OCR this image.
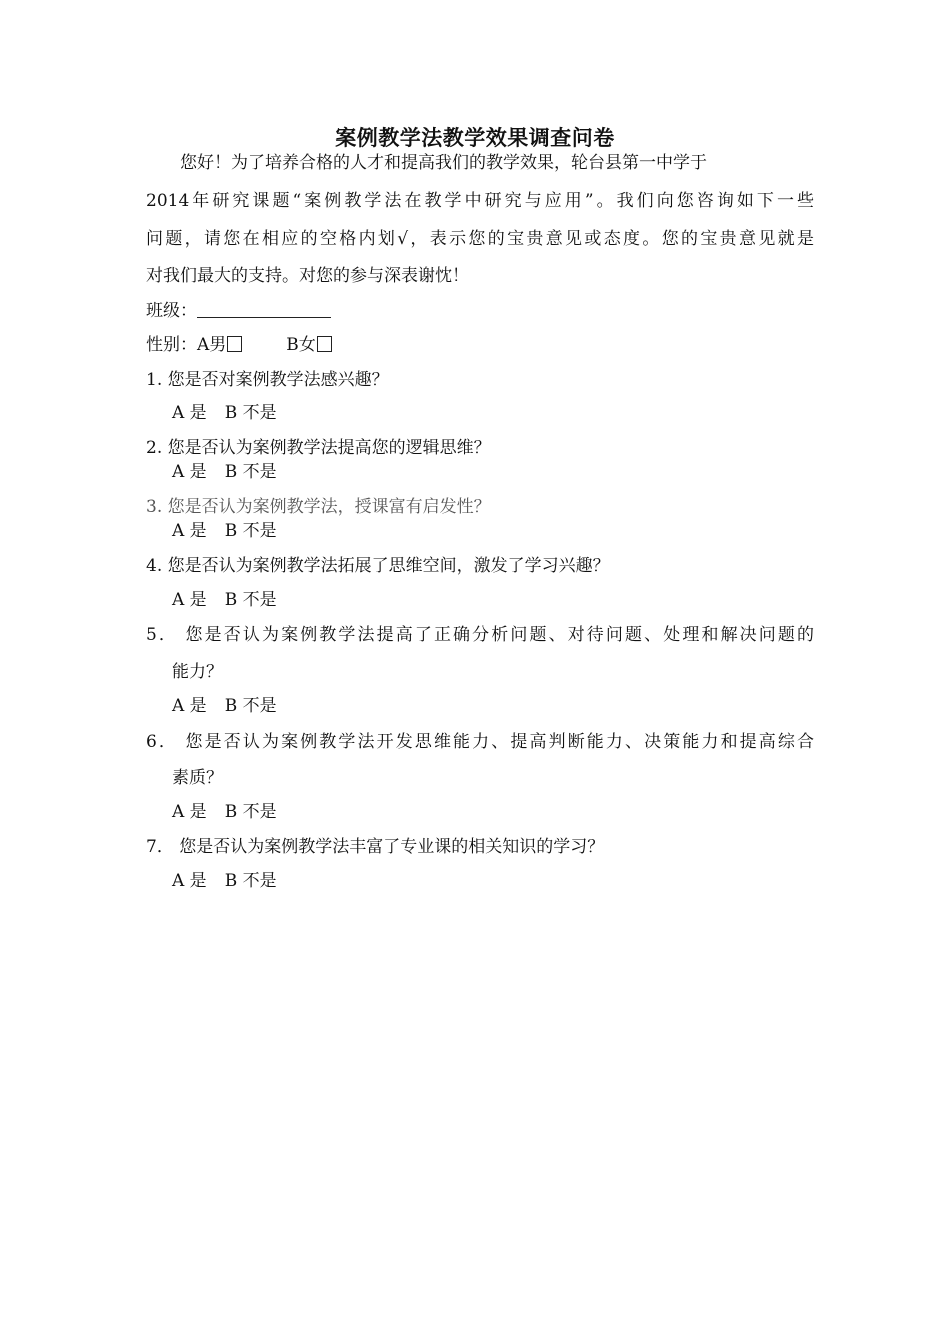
案例教学法教学效果调查问卷
您好！为了培养合格的人才和提高我们的教学效果，轮台县第一中学于
2014年研究课题“案例教学法在教学中研究与应用”。我们向您咨询如下一些
问题，请您在相应的空格内划√，表示您的宝贵意见或态度。您的宝贵意见就是
对我们最大的支持。对您的参与深表谢忱！
班级：
性别：A男	B女
1. 您是否对案例教学法感兴趣？
A 是 B 不是
2. 您是否认为案例教学法提高您的逻辑思维？
A 是 B 不是
3. 您是否认为案例教学法，授课富有启发性？
A 是 B 不是
4. 您是否认为案例教学法拓展了思维空间，激发了学习兴趣？
A 是 B 不是
5． 您是否认为案例教学法提高了正确分析问题、对待问题、处理和解决问题的
能力？
A 是 B 不是
6． 您是否认为案例教学法开发思维能力、提高判断能力、决策能力和提高综合
素质？
A 是 B 不是
7． 您是否认为案例教学法丰富了专业课的相关知识的学习？
A 是 B 不是
